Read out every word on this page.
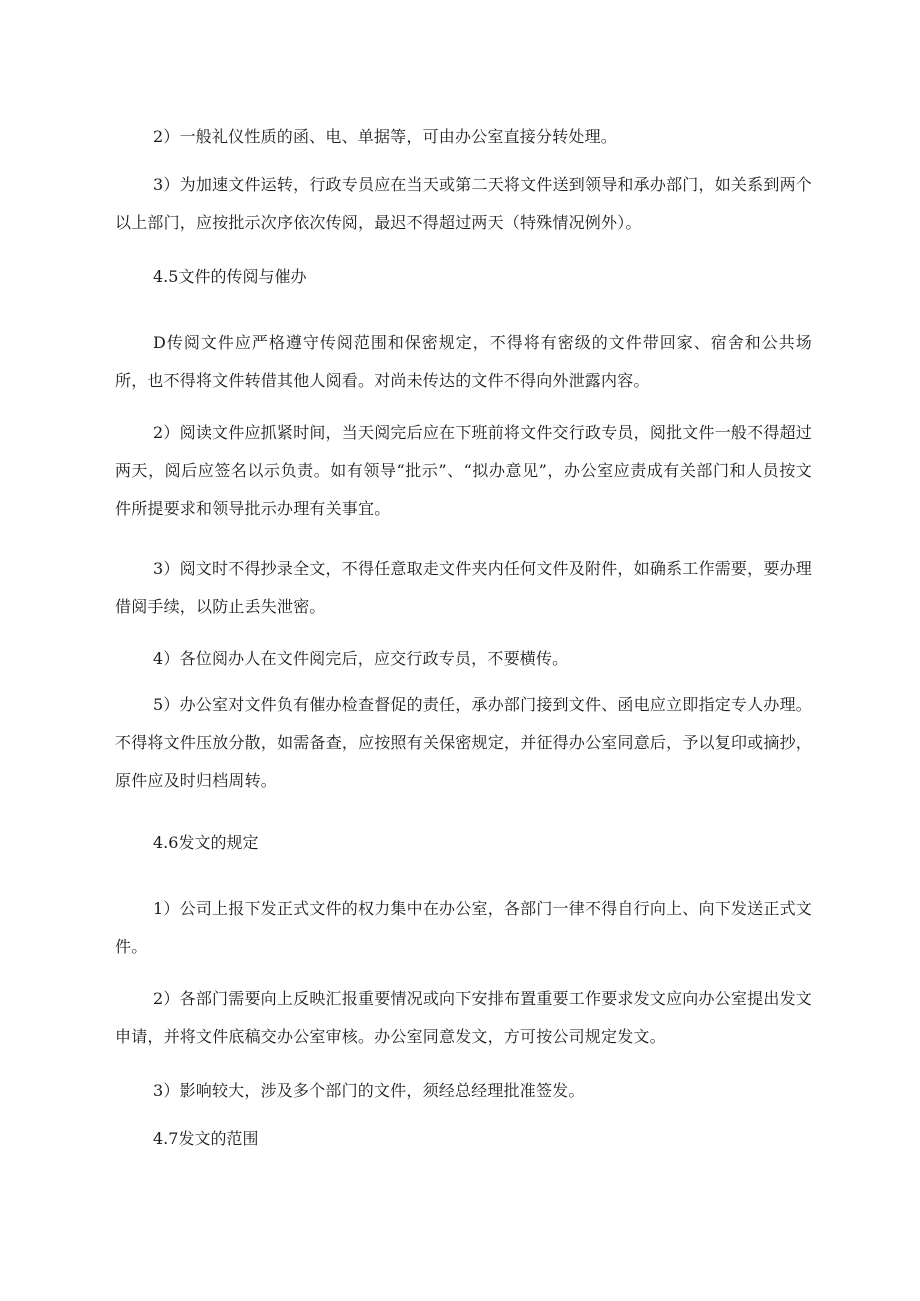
2）一般礼仪性质的函、电、单据等，可由办公室直接分转处理。

3）为加速文件运转，行政专员应在当天或第二天将文件送到领导和承办部门，如关系到两个以上部门，应按批示次序依次传阅，最迟不得超过两天（特殊情况例外）。

4.5文件的传阅与催办

D传阅文件应严格遵守传阅范围和保密规定，不得将有密级的文件带回家、宿舍和公共场所，也不得将文件转借其他人阅看。对尚未传达的文件不得向外泄露内容。

2）阅读文件应抓紧时间，当天阅完后应在下班前将文件交行政专员，阅批文件一般不得超过两天，阅后应签名以示负责。如有领导“批示”、“拟办意见”，办公室应责成有关部门和人员按文件所提要求和领导批示办理有关事宜。

3）阅文时不得抄录全文，不得任意取走文件夹内任何文件及附件，如确系工作需要，要办理借阅手续，以防止丢失泄密。

4）各位阅办人在文件阅完后，应交行政专员，不要横传。

5）办公室对文件负有催办检查督促的责任，承办部门接到文件、函电应立即指定专人办理。不得将文件压放分散，如需备查，应按照有关保密规定，并征得办公室同意后，予以复印或摘抄，原件应及时归档周转。

4.6发文的规定

1）公司上报下发正式文件的权力集中在办公室，各部门一律不得自行向上、向下发送正式文件。

2）各部门需要向上反映汇报重要情况或向下安排布置重要工作要求发文应向办公室提出发文申请，并将文件底稿交办公室审核。办公室同意发文，方可按公司规定发文。

3）影响较大，涉及多个部门的文件，须经总经理批准签发。

4.7发文的范围
